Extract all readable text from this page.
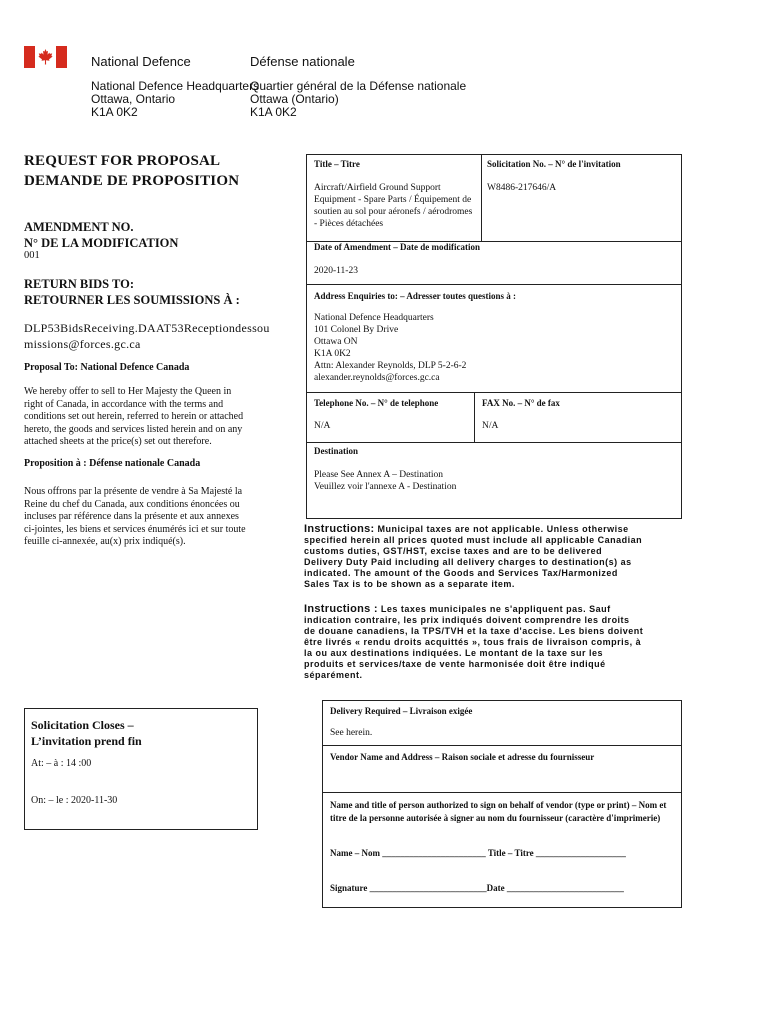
National Defence
National Defence Headquarters
Ottawa, Ontario
K1A 0K2
Défense nationale
Quartier général de la Défense nationale
Ottawa (Ontario)
K1A 0K2
REQUEST FOR PROPOSAL
DEMANDE DE PROPOSITION
AMENDMENT NO.
N° DE LA MODIFICATION
001
RETURN BIDS TO:
RETOURNER LES SOUMISSIONS À :
DLP53BidsReceiving.DAAT53Receptiondessou
missions@forces.gc.ca
Proposal To: National Defence Canada
We hereby offer to sell to Her Majesty the Queen in right of Canada, in accordance with the terms and conditions set out herein, referred to herein or attached hereto, the goods and services listed herein and on any attached sheets at the price(s) set out therefore.
Proposition à : Défense nationale Canada
Nous offrons par la présente de vendre à Sa Majesté la Reine du chef du Canada, aux conditions énoncées ou incluses par référence dans la présente et aux annexes ci-jointes, les biens et services énumérés ici et sur toute feuille ci-annexée, au(x) prix indiqué(s).
Solicitation Closes –
L’invitation prend fin
At: – à : 14 :00
On: – le : 2020-11-30
Title – Titre
Aircraft/Airfield Ground Support Equipment - Spare Parts / Équipement de soutien au sol pour aéronefs / aérodromes - Pièces détachées
Solicitation No. – N° de l'invitation
W8486-217646/A
Date of Amendment – Date de modification
2020-11-23
Address Enquiries to: – Adresser toutes questions à :
National Defence Headquarters
101 Colonel By Drive
Ottawa ON
K1A 0K2
Attn: Alexander Reynolds, DLP 5-2-6-2
alexander.reynolds@forces.gc.ca
Telephone No. – N° de telephone
N/A
FAX No. – N° de fax
N/A
Destination
Please See Annex A – Destination
Veuillez voir l'annexe A - Destination
Instructions: Municipal taxes are not applicable. Unless otherwise specified herein all prices quoted must include all applicable Canadian customs duties, GST/HST, excise taxes and are to be delivered Delivery Duty Paid including all delivery charges to destination(s) as indicated. The amount of the Goods and Services Tax/Harmonized Sales Tax is to be shown as a separate item.
Instructions : Les taxes municipales ne s'appliquent pas. Sauf indication contraire, les prix indiqués doivent comprendre les droits de douane canadiens, la TPS/TVH et la taxe d'accise. Les biens doivent être livrés « rendu droits acquittés », tous frais de livraison compris, à la ou aux destinations indiquées. Le montant de la taxe sur les produits et services/taxe de vente harmonisée doit être indiqué séparément.
Delivery Required – Livraison exigée
See herein.
Vendor Name and Address – Raison sociale et adresse du fournisseur
Name and title of person authorized to sign on behalf of vendor (type or print) – Nom et titre de la personne autorisée à signer au nom du fournisseur (caractère d'imprimerie)
Name – Nom _______________________ Title – Titre ____________________
Signature __________________________Date __________________________
